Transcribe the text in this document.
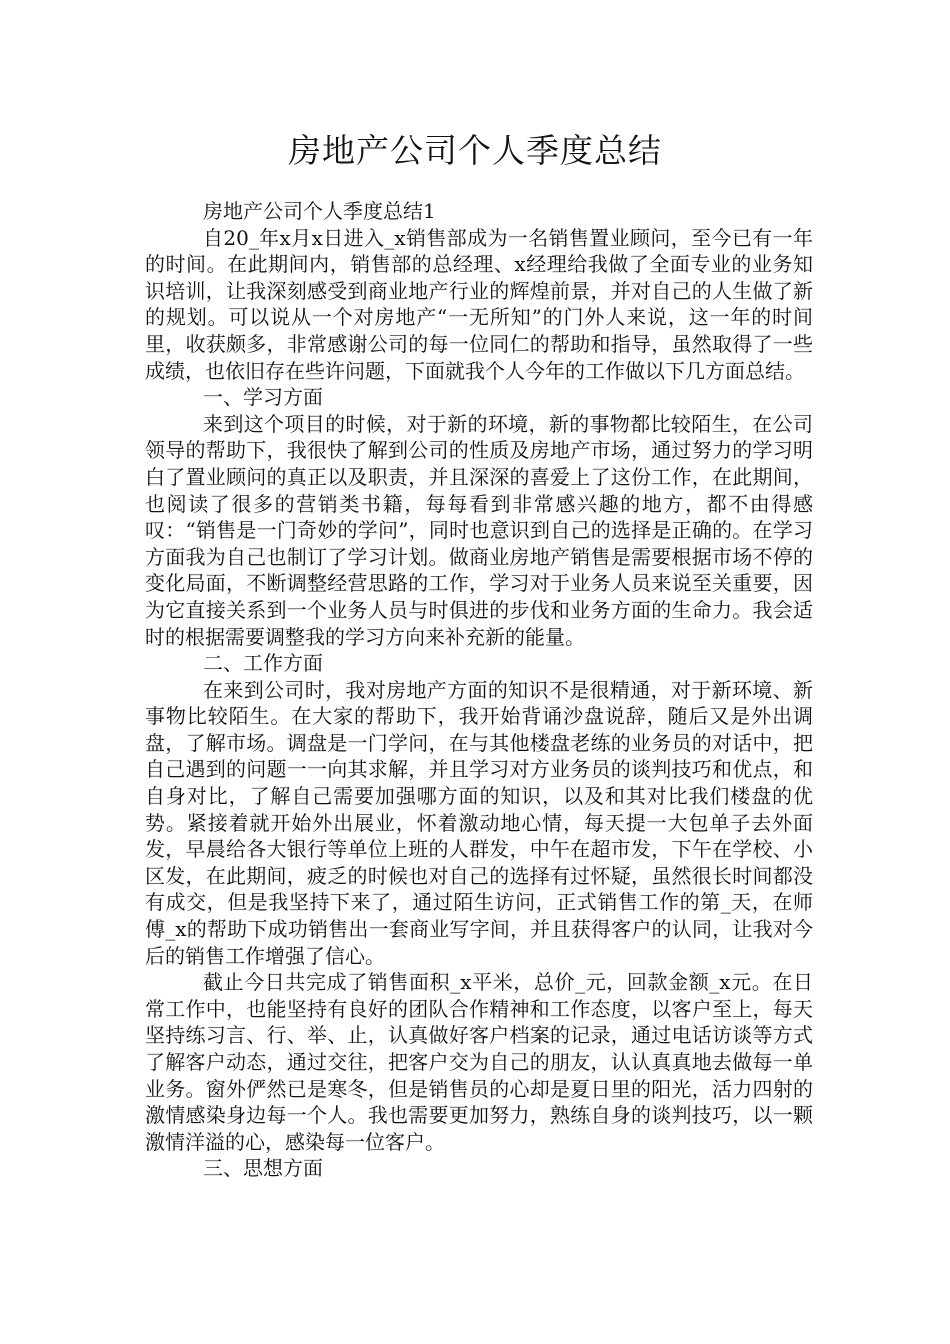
房地产公司个人季度总结

房地产公司个人季度总结1

自20_年x月x日进入_x销售部成为一名销售置业顾问，至今已有一年的时间。在此期间内，销售部的总经理、x经理给我做了全面专业的业务知识培训，让我深刻感受到商业地产行业的辉煌前景，并对自己的人生做了新的规划。可以说从一个对房地产“一无所知”的门外人来说，这一年的时间里，收获颇多，非常感谢公司的每一位同仁的帮助和指导，虽然取得了一些成绩，也依旧存在些许问题，下面就我个人今年的工作做以下几方面总结。

一、学习方面

来到这个项目的时候，对于新的环境，新的事物都比较陌生，在公司领导的帮助下，我很快了解到公司的性质及房地产市场，通过努力的学习明白了置业顾问的真正以及职责，并且深深的喜爱上了这份工作，在此期间，也阅读了很多的营销类书籍，每每看到非常感兴趣的地方，都不由得感叹：“销售是一门奇妙的学问”，同时也意识到自己的选择是正确的。在学习方面我为自己也制订了学习计划。做商业房地产销售是需要根据市场不停的变化局面，不断调整经营思路的工作，学习对于业务人员来说至关重要，因为它直接关系到一个业务人员与时俱进的步伐和业务方面的生命力。我会适时的根据需要调整我的学习方向来补充新的能量。

二、工作方面

在来到公司时，我对房地产方面的知识不是很精通，对于新环境、新事物比较陌生。在大家的帮助下，我开始背诵沙盘说辞，随后又是外出调盘，了解市场。调盘是一门学问，在与其他楼盘老练的业务员的对话中，把自己遇到的问题一一向其求解，并且学习对方业务员的谈判技巧和优点，和自身对比，了解自己需要加强哪方面的知识，以及和其对比我们楼盘的优势。紧接着就开始外出展业，怀着激动地心情，每天提一大包单子去外面发，早晨给各大银行等单位上班的人群发，中午在超市发，下午在学校、小区发，在此期间，疲乏的时候也对自己的选择有过怀疑，虽然很长时间都没有成交，但是我坚持下来了，通过陌生访问，正式销售工作的第_天，在师傅_x的帮助下成功销售出一套商业写字间，并且获得客户的认同，让我对今后的销售工作增强了信心。

截止今日共完成了销售面积_x平米，总价_元，回款金额_x元。在日常工作中，也能坚持有良好的团队合作精神和工作态度，以客户至上，每天坚持练习言、行、举、止，认真做好客户档案的记录，通过电话访谈等方式了解客户动态，通过交往，把客户交为自己的朋友，认认真真地去做每一单业务。窗外俨然已是寒冬，但是销售员的心却是夏日里的阳光，活力四射的激情感染身边每一个人。我也需要更加努力，熟练自身的谈判技巧，以一颗激情洋溢的心，感染每一位客户。

三、思想方面
